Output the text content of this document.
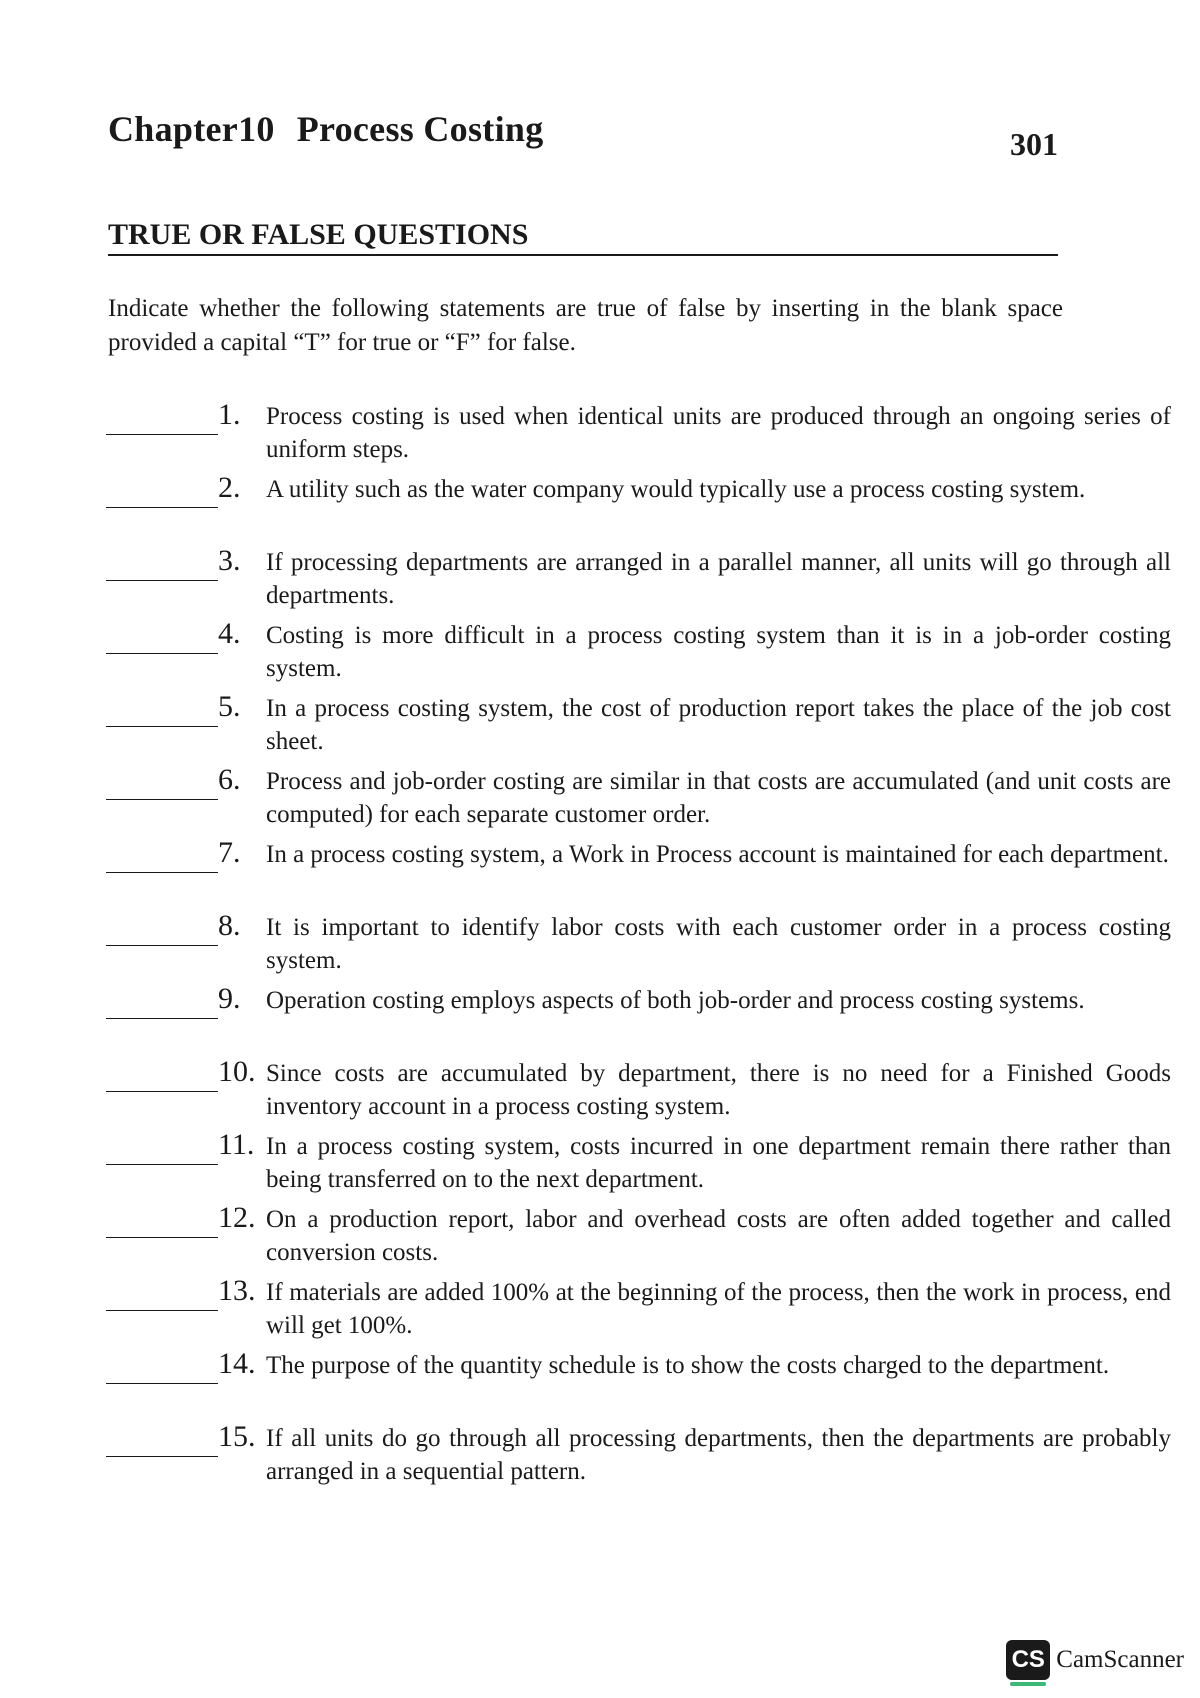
Chapter10 Process Costing	301
TRUE OR FALSE QUESTIONS
Indicate whether the following statements are true of false by inserting in the blank space provided a capital “T” for true or “F” for false.
1.	Process costing is used when identical units are produced through an ongoing series of uniform steps.
2.	A utility such as the water company would typically use a process costing system.
3.	If processing departments are arranged in a parallel manner, all units will go through all departments.
4.	Costing is more difficult in a process costing system than it is in a job-order costing system.
5.	In a process costing system, the cost of production report takes the place of the job cost sheet.
6.	Process and job-order costing are similar in that costs are accumulated (and unit costs are computed) for each separate customer order.
7.	In a process costing system, a Work in Process account is maintained for each department.
8.	It is important to identify labor costs with each customer order in a process costing system.
9.	Operation costing employs aspects of both job-order and process costing systems.
10. Since costs are accumulated by department, there is no need for a Finished Goods inventory account in a process costing system.
11. In a process costing system, costs incurred in one department remain there rather than being transferred on to the next department.
12. On a production report, labor and overhead costs are often added together and called conversion costs.
13. If materials are added 100% at the beginning of the process, then the work in process, end will get 100%.
14. The purpose of the quantity schedule is to show the costs charged to the department.
15. If all units do go through all processing departments, then the departments are probably arranged in a sequential pattern.
CS CamScanner
